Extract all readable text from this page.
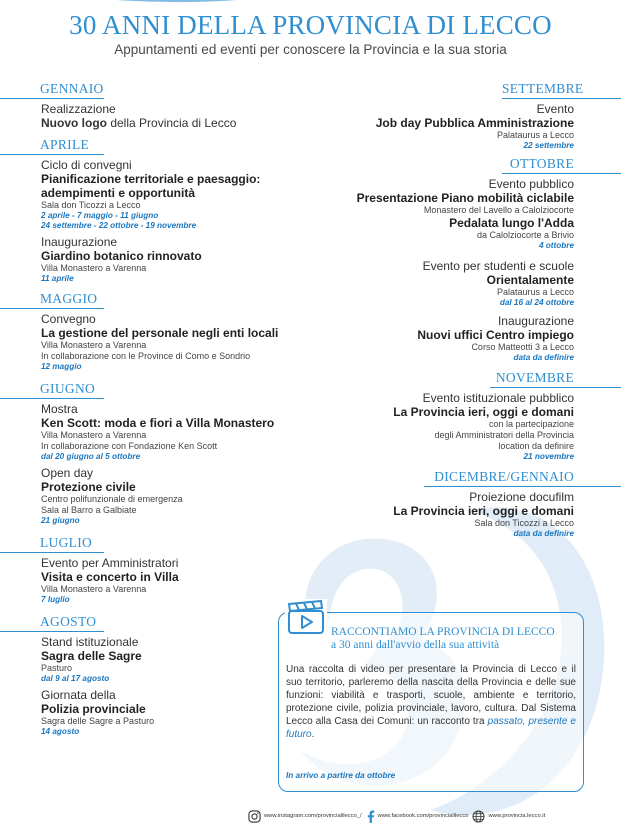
30 ANNI DELLA PROVINCIA DI LECCO
Appuntamenti ed eventi per conoscere la Provincia e la sua storia
GENNAIO
Realizzazione
Nuovo logo della Provincia di Lecco
APRILE
Ciclo di convegni
Pianificazione territoriale e paesaggio: adempimenti e opportunità
Sala don Ticozzi a Lecco
2 aprile - 7 maggio - 11 giugno
24 settembre - 22 ottobre - 19 novembre
Inaugurazione
Giardino botanico rinnovato
Villa Monastero a Varenna
11 aprile
MAGGIO
Convegno
La gestione del personale negli enti locali
Villa Monastero a Varenna
In collaborazione con le Province di Como e Sondrio
12 maggio
GIUGNO
Mostra
Ken Scott: moda e fiori a Villa Monastero
Villa Monastero a Varenna
In collaborazione con Fondazione Ken Scott
dal 20 giugno al 5 ottobre
Open day
Protezione civile
Centro polifunzionale di emergenza
Sala al Barro a Galbiate
21 giugno
LUGLIO
Evento per Amministratori
Visita e concerto in Villa
Villa Monastero a Varenna
7 luglio
AGOSTO
Stand istituzionale
Sagra delle Sagre
Pasturo
dal 9 al 17 agosto
Giornata della
Polizia provinciale
Sagra delle Sagre a Pasturo
14 agosto
SETTEMBRE
Evento
Job day Pubblica Amministrazione
Palataurus a Lecco
22 settembre
OTTOBRE
Evento pubblico
Presentazione Piano mobilità ciclabile
Monastero del Lavello a Calolziocorte
Pedalata lungo l'Adda
da Calolziocorte a Brivio
4 ottobre
Evento per studenti e scuole
Orientalamente
Palataurus a Lecco
dal 16 al 24 ottobre
Inaugurazione
Nuovi uffici Centro impiego
Corso Matteotti 3 a Lecco
data da definire
NOVEMBRE
Evento istituzionale pubblico
La Provincia ieri, oggi e domani
con la partecipazione
degli Amministratori della Provincia
location da definire
21 novembre
DICEMBRE/GENNAIO
Proiezione docufilm
La Provincia ieri, oggi e domani
Sala don Ticozzi a Lecco
data da definire
RACCONTIAMO LA PROVINCIA DI LECCO
a 30 anni dall'avvio della sua attività
Una raccolta di video per presentare la Provincia di Lecco e il suo territorio, parleremo della nascita della Provincia e delle sue funzioni: viabilità e trasporti, scuole, ambiente e territorio, protezione civile, polizia provinciale, lavoro, cultura. Dal Sistema Lecco alla Casa dei Comuni: un racconto tra passato, presente e futuro.
In arrivo a partire da ottobre
www.instagram.com/provincialilecco_/	www.facebook.com/provincialilecco	www.provincia.lecco.it
